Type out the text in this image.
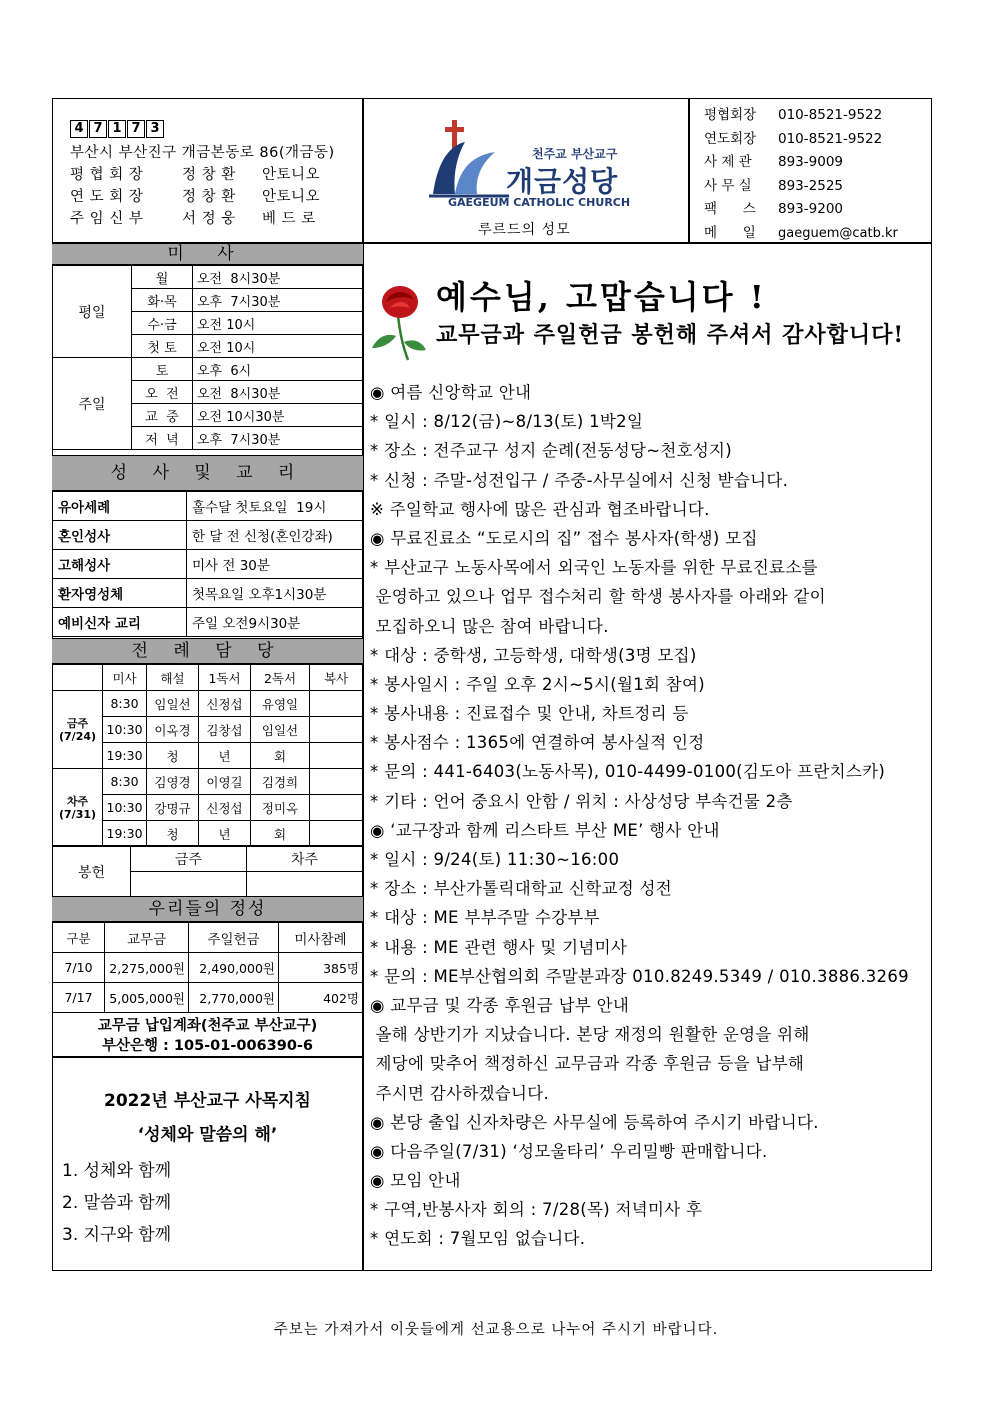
4 7 1 7 3
부산시 부산진구 개금본동로 86(개금동)
평 협 회 장	정 창 환 안토니오
연 도 회 장	정 창 환 안토니오
주 임 신 부	서 정 웅 베 드 로
천주교 부산교구
개금성당
GAEGEUM CATHOLIC CHURCH
루르드의 성모
평협회장 010-8521-9522
연도회장 010-8521-9522
사 제 관 893-9009
사 무 실 893-2525
팩      스 893-9200
메      일 gaeguem@catb.kr
미 사
평일	월	오전  8시30분
	화·목	오후  7시30분
	수·금	오전 10시
	첫 토	오전 10시
주일	토	오후  6시
	오  전	오전  8시30분
	교  중	오전 10시30분
	저  녁	오후  7시30분
성 사 및 교 리
유아세례	홀수달 첫토요일  19시
혼인성사	한 달 전 신청(혼인강좌)
고해성사	미사 전 30분
환자영성체	첫목요일 오후1시30분
예비신자 교리	주일 오전9시30분
전 례 담 당
	미사	해설	1독서	2독서	복사
금주 (7/24)	8:30	임일선	신정섭	유영일	
	10:30	이옥경	김창섭	임일선	
	19:30	청	년	회	
차주 (7/31)	8:30	김영경	이영길	김경희	
	10:30	강명규	신정섭	정미옥	
	19:30	청	년	회	
봉헌	금주	차주

우리들의 정성
구분	교무금	주일헌금	미사참례
7/10	2,275,000원	2,490,000원	385명
7/17	5,005,000원	2,770,000원	402명
교무금 납입계좌(천주교 부산교구)
부산은행 : 105-01-006390-6
2022년 부산교구 사목지침
‘성체와 말씀의 해’
1. 성체와 함께
2. 말씀과 함께
3. 지구와 함께
예수님, 고맙습니다 !
교무금과 주일헌금 봉헌해 주셔서 감사합니다!
◉ 여름 신앙학교 안내
* 일시 : 8/12(금)~8/13(토) 1박2일
* 장소 : 전주교구 성지 순례(전동성당~천호성지)
* 신청 : 주말-성전입구 / 주중-사무실에서 신청 받습니다.
※ 주일학교 행사에 많은 관심과 협조바랍니다.
◉ 무료진료소 “도로시의 집” 접수 봉사자(학생) 모집
* 부산교구 노동사목에서 외국인 노동자를 위한 무료진료소를
운영하고 있으나 업무 접수처리 할 학생 봉사자를 아래와 같이
모집하오니 많은 참여 바랍니다.
* 대상 : 중학생, 고등학생, 대학생(3명 모집)
* 봉사일시 : 주일 오후 2시~5시(월1회 참여)
* 봉사내용 : 진료접수 및 안내, 차트정리 등
* 봉사점수 : 1365에 연결하여 봉사실적 인정
* 문의 : 441-6403(노동사목), 010-4499-0100(김도아 프란치스카)
* 기타 : 언어 중요시 안함 / 위치 : 사상성당 부속건물 2층
◉ ‘교구장과 함께 리스타트 부산 ME’ 행사 안내
* 일시 : 9/24(토) 11:30~16:00
* 장소 : 부산가톨릭대학교 신학교정 성전
* 대상 : ME 부부주말 수강부부
* 내용 : ME 관련 행사 및 기념미사
* 문의 : ME부산협의회 주말분과장 010.8249.5349 / 010.3886.3269
◉ 교무금 및 각종 후원금 납부 안내
올해 상반기가 지났습니다. 본당 재정의 원활한 운영을 위해
제당에 맞추어 책정하신 교무금과 각종 후원금 등을 납부해
주시면 감사하겠습니다.
◉ 본당 출입 신자차량은 사무실에 등록하여 주시기 바랍니다.
◉ 다음주일(7/31) ‘성모울타리’ 우리밀빵 판매합니다.
◉ 모임 안내
* 구역,반봉사자 회의 : 7/28(목) 저녁미사 후
* 연도회 : 7월모임 없습니다.
주보는 가져가서 이웃들에게 선교용으로 나누어 주시기 바랍니다.
